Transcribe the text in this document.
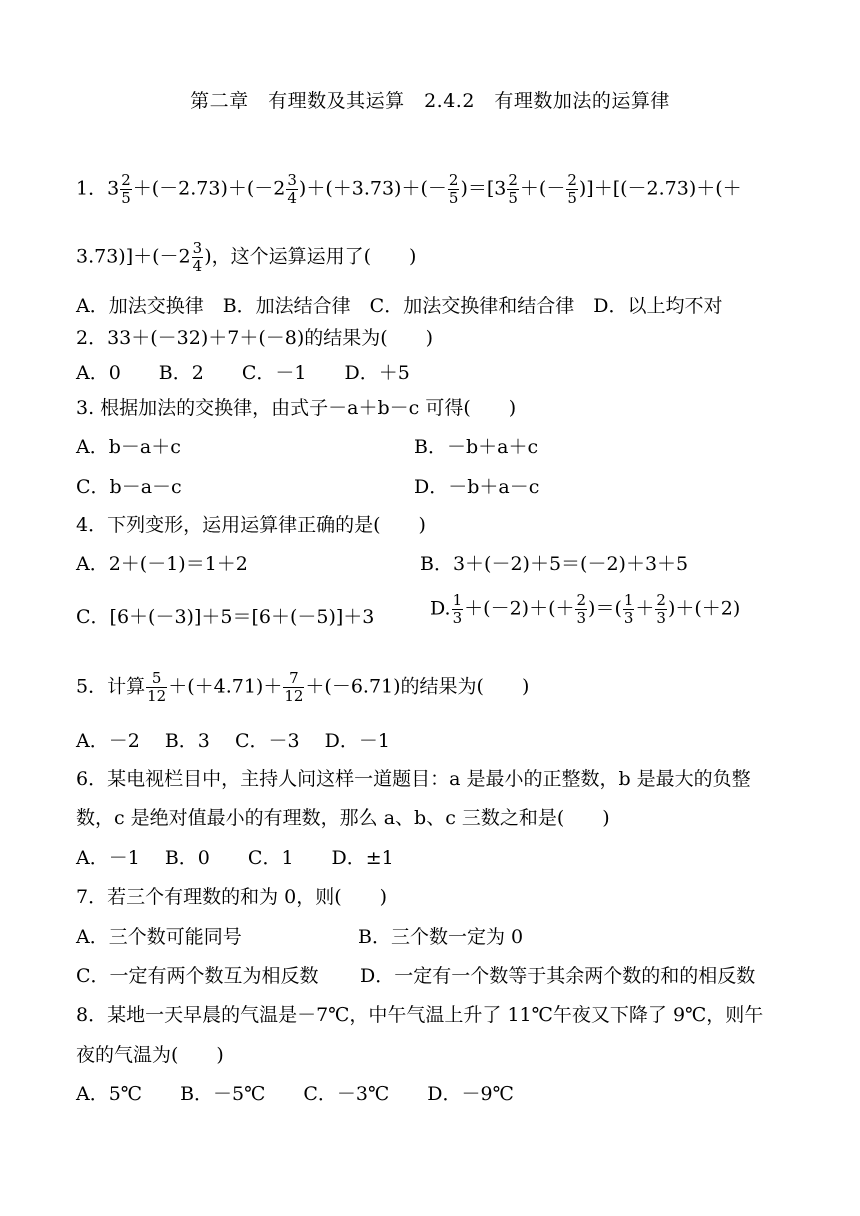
第二章　有理数及其运算　2.4.2　有理数加法的运算律
1．$3 \frac{2}{5} +(-2.73)+(-2 \frac{3}{4} )+(+3.73)+(- \frac{2}{5} )=[3 \frac{2}{5}$ ＋(－ $\frac{2}{5} )]+[(-2.73)+(+$
$3.73)]+(-2 \frac{3}{4}$ )，这个运算运用了(　　)
A．加法交换律　B．加法结合律　C．加法交换律和结合律　D．以上均不对
2．33＋(－32)＋7＋(－8)的结果为(　　)
A．0　　B．2　　C．－1　　D．＋5
3. 根据加法的交换律，由式子－a＋b－c 可得(　　)
A．b－a＋c	B．－b＋a＋c
C．b－a－c	D．－b＋a－c
4．下列变形，运用运算律正确的是(　　)
A．2＋(－1)＝1＋2	B．3＋(－2)＋5＝(－2)＋3＋5
C．[6＋(－3)]＋5＝[6＋(－5)]＋3	D. $\frac{1}{3} +(-2)+(+ \frac{2}{3}$ )＝( $\frac{1}{3} + \frac{2}{3} )+(+2)$
5．计算 $\frac{5}{12} +(+4.71)+ \frac{7}{12} +(-6.71)$的结果为(　　)
A．－2　 B．3　 C．－3　 D．－1
6．某电视栏目中，主持人问这样一道题目：a 是最小的正整数，b 是最大的负整
数，c 是绝对值最小的有理数，那么 a、b、c 三数之和是(　　)
A．－1　 B．0　　C．1　　D．±1
7．若三个有理数的和为 0，则(　　)
A．三个数可能同号	B．三个数一定为 0
C．一定有两个数互为相反数 D．一定有一个数等于其余两个数的和的相反数
8．某地一天早晨的气温是－7℃，中午气温上升了 11℃午夜又下降了 9℃，则午
夜的气温为(　　)
A．5℃　　B．－5℃　　C．－3℃　　D．－9℃
